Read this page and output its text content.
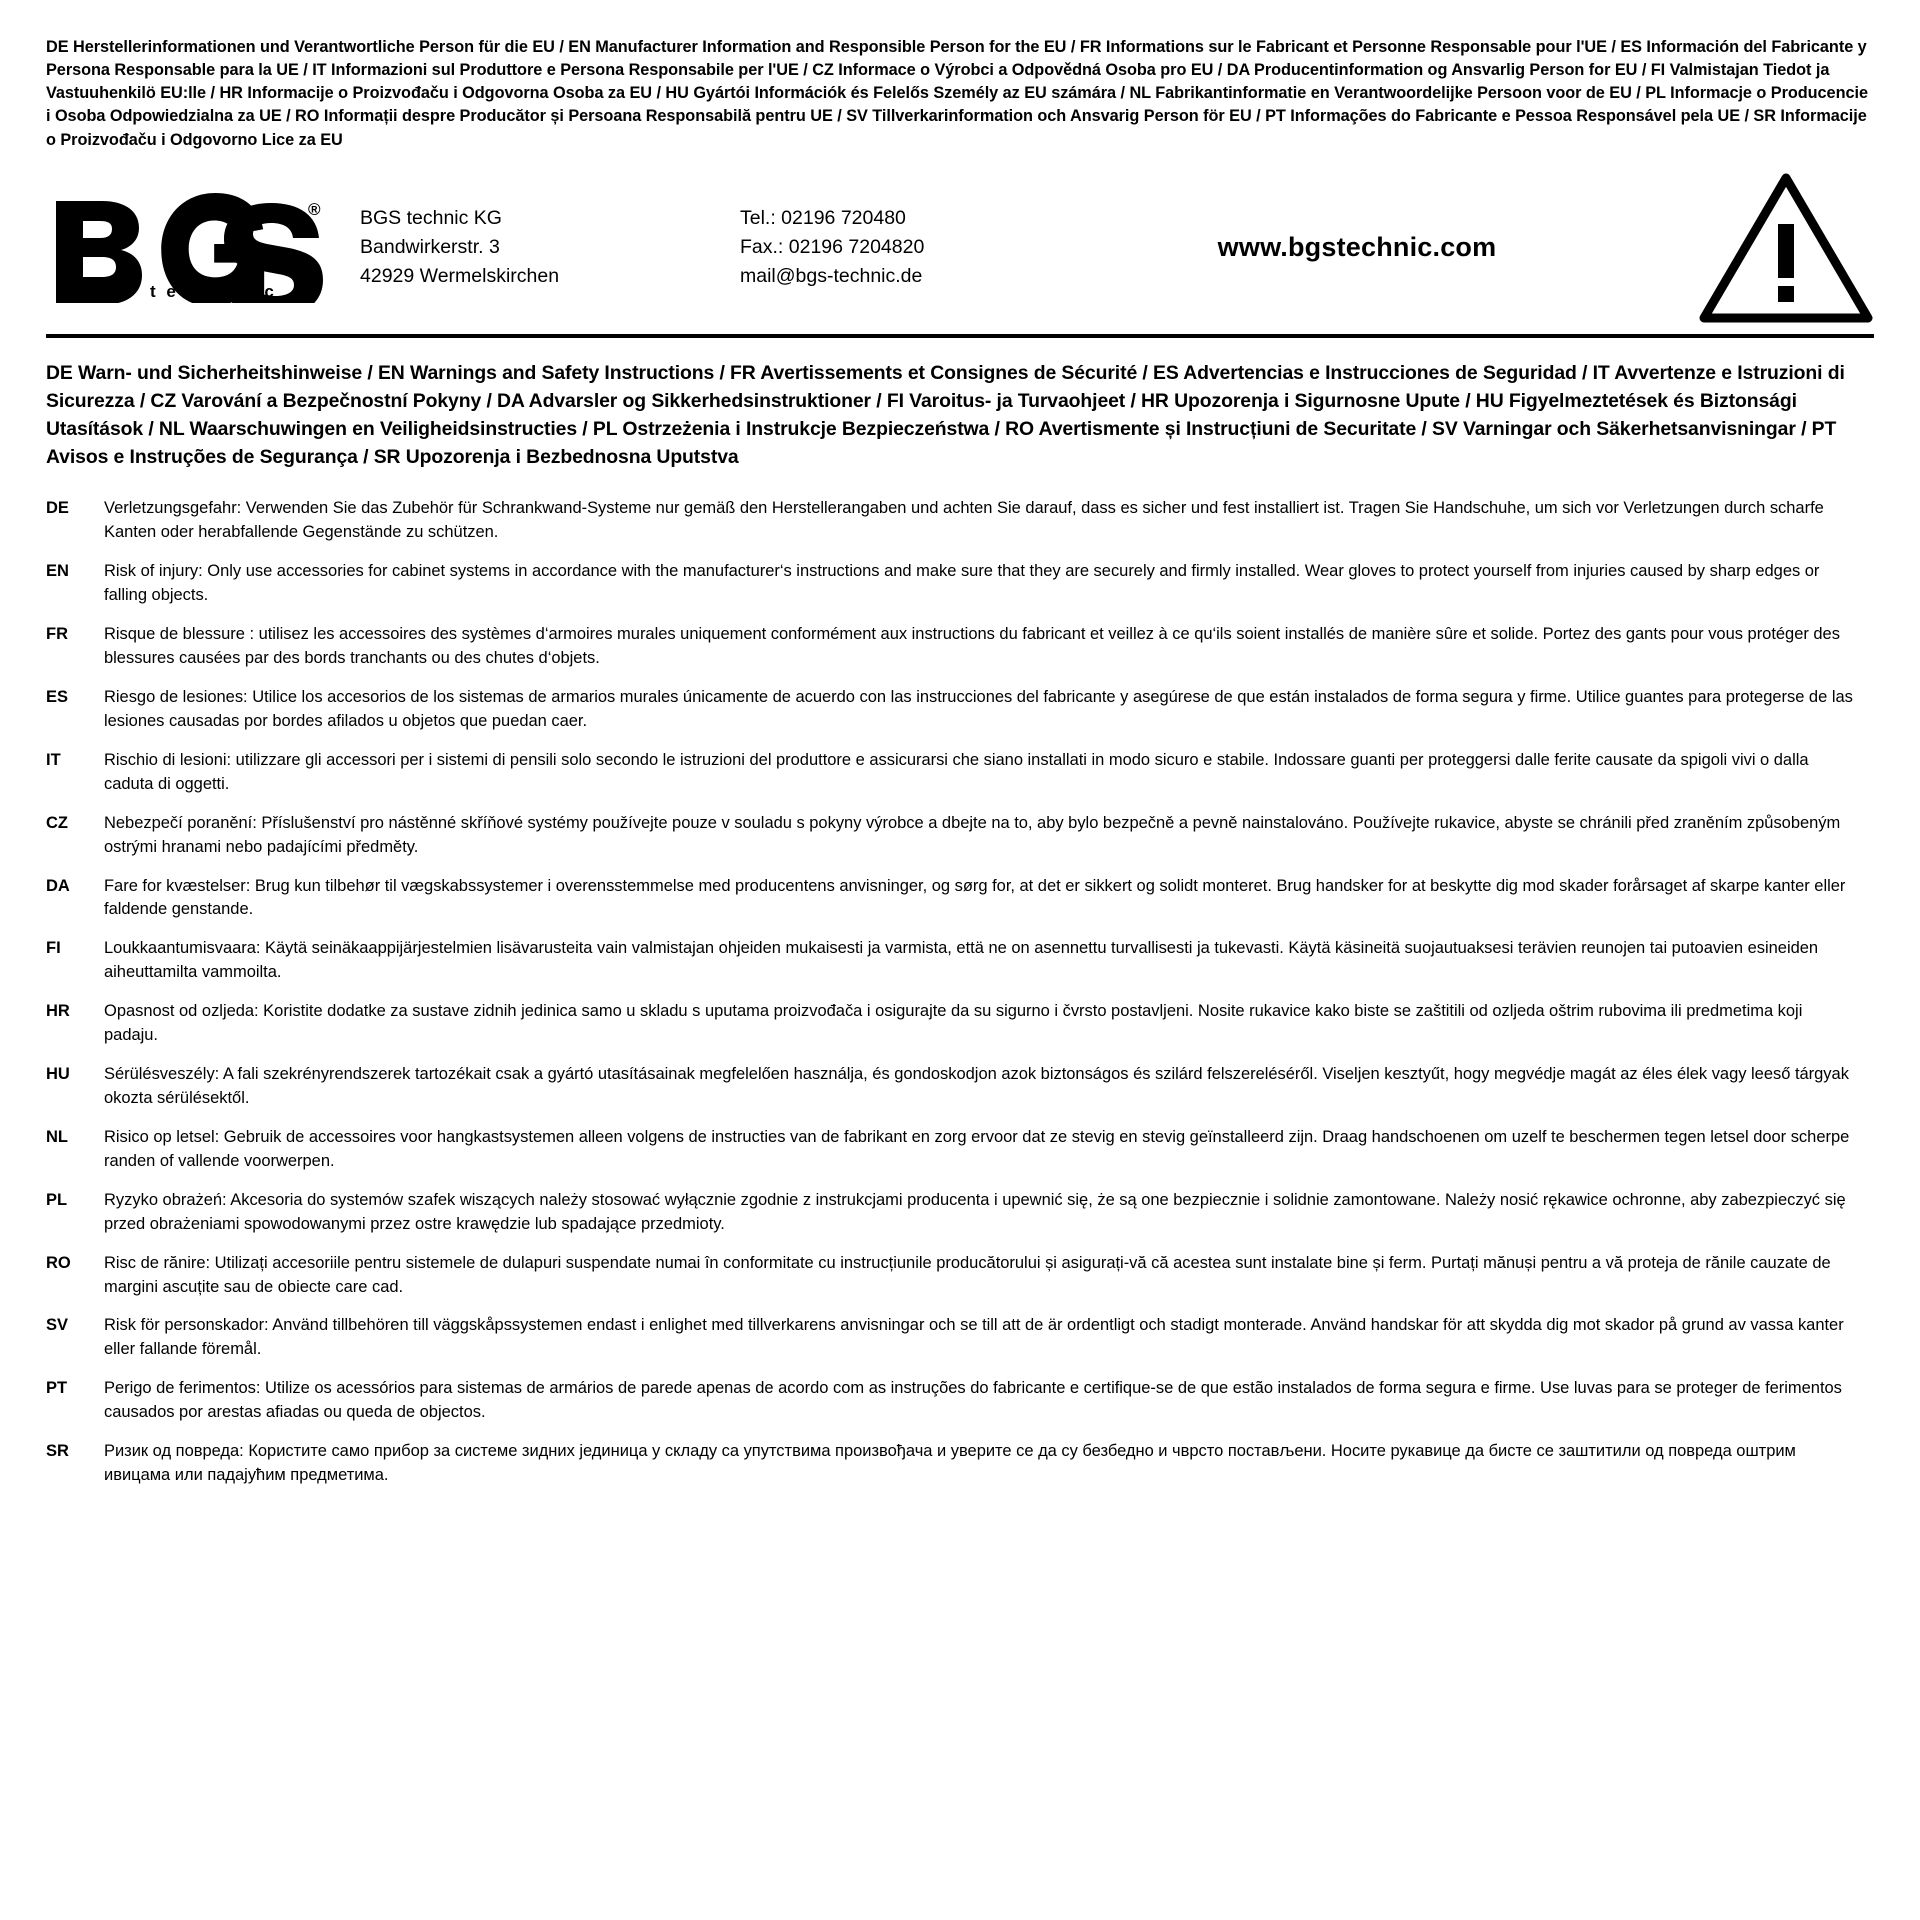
DE Herstellerinformationen und Verantwortliche Person für die EU / EN Manufacturer Information and Responsible Person for the EU / FR Informations sur le Fabricant et Personne Responsable pour l'UE / ES Información del Fabricante y Persona Responsable para la UE / IT Informazioni sul Produttore e Persona Responsabile per l'UE / CZ Informace o Výrobci a Odpovědná Osoba pro EU / DA Producentinformation og Ansvarlig Person for EU / FI Valmistajan Tiedot ja Vastuuhenkilö EU:lle / HR Informacije o Proizvođaču i Odgovorna Osoba za EU / HU Gyártói Információk és Felelős Személy az EU számára / NL Fabrikantinformatie en Verantwoordelijke Persoon voor de EU / PL Informacje o Producencie i Osoba Odpowiedzialna za UE / RO Informații despre Producător și Persoana Responsabilă pentru UE / SV Tillverkarinformation och Ansvarig Person för EU / PT Informações do Fabricante e Pessoa Responsável pela UE / SR Informacije o Proizvođaču i Odgovorno Lice za EU
®
t e c h n i c
BGS technic KG
Bandwirkerstr. 3
42929 Wermelskirchen
Tel.: 02196 720480
Fax.: 02196 7204820
mail@bgs-technic.de
www.bgstechnic.com
DE Warn- und Sicherheitshinweise / EN Warnings and Safety Instructions / FR Avertissements et Consignes de Sécurité / ES Advertencias e Instrucciones de Seguridad / IT Avvertenze e Istruzioni di Sicurezza / CZ Varování a Bezpečnostní Pokyny / DA Advarsler og Sikkerhedsinstruktioner / FI Varoitus- ja Turvaohjeet / HR Upozorenja i Sigurnosne Upute / HU Figyelmeztetések és Biztonsági Utasítások / NL Waarschuwingen en Veiligheidsinstructies / PL Ostrzeżenia i Instrukcje Bezpieczeństwa / RO Avertismente și Instrucțiuni de Securitate / SV Varningar och Säkerhetsanvisningar / PT Avisos e Instruções de Segurança / SR Upozorenja i Bezbednosna Uputstva
DE	Verletzungsgefahr: Verwenden Sie das Zubehör für Schrankwand-Systeme nur gemäß den Herstellerangaben und achten Sie darauf, dass es sicher und fest installiert ist. Tragen Sie Handschuhe, um sich vor Verletzungen durch scharfe Kanten oder herabfallende Gegenstände zu schützen.
EN	Risk of injury: Only use accessories for cabinet systems in accordance with the manufacturer‘s instructions and make sure that they are securely and firmly installed. Wear gloves to protect yourself from injuries caused by sharp edges or falling objects.
FR	Risque de blessure : utilisez les accessoires des systèmes d‘armoires murales uniquement conformément aux instructions du fabricant et veillez à ce qu‘ils soient installés de manière sûre et solide. Portez des gants pour vous protéger des blessures causées par des bords tranchants ou des chutes d‘objets.
ES	Riesgo de lesiones: Utilice los accesorios de los sistemas de armarios murales únicamente de acuerdo con las instrucciones del fabricante y asegúrese de que están instalados de forma segura y firme. Utilice guantes para protegerse de las lesiones causadas por bordes afilados u objetos que puedan caer.
IT	Rischio di lesioni: utilizzare gli accessori per i sistemi di pensili solo secondo le istruzioni del produttore e assicurarsi che siano installati in modo sicuro e stabile. Indossare guanti per proteggersi dalle ferite causate da spigoli vivi o dalla caduta di oggetti.
CZ	Nebezpečí poranění: Příslušenství pro nástěnné skříňové systémy používejte pouze v souladu s pokyny výrobce a dbejte na to, aby bylo bezpečně a pevně nainstalováno. Používejte rukavice, abyste se chránili před zraněním způsobeným ostrými hranami nebo padajícími předměty.
DA	Fare for kvæstelser: Brug kun tilbehør til vægskabssystemer i overensstemmelse med producentens anvisninger, og sørg for, at det er sikkert og solidt monteret. Brug handsker for at beskytte dig mod skader forårsaget af skarpe kanter eller faldende genstande.
FI	Loukkaantumisvaara: Käytä seinäkaappijärjestelmien lisävarusteita vain valmistajan ohjeiden mukaisesti ja varmista, että ne on asennettu turvallisesti ja tukevasti. Käytä käsineitä suojautuaksesi terävien reunojen tai putoavien esineiden aiheuttamilta vammoilta.
HR	Opasnost od ozljeda: Koristite dodatke za sustave zidnih jedinica samo u skladu s uputama proizvođača i osigurajte da su sigurno i čvrsto postavljeni. Nosite rukavice kako biste se zaštitili od ozljeda oštrim rubovima ili predmetima koji padaju.
HU	Sérülésveszély: A fali szekrényrendszerek tartozékait csak a gyártó utasításainak megfelelően használja, és gondoskodjon azok biztonságos és szilárd felszereléséről. Viseljen kesztyűt, hogy megvédje magát az éles élek vagy leeső tárgyak okozta sérülésektől.
NL	Risico op letsel: Gebruik de accessoires voor hangkastsystemen alleen volgens de instructies van de fabrikant en zorg ervoor dat ze stevig en stevig geïnstalleerd zijn. Draag handschoenen om uzelf te beschermen tegen letsel door scherpe randen of vallende voorwerpen.
PL	Ryzyko obrażeń: Akcesoria do systemów szafek wiszących należy stosować wyłącznie zgodnie z instrukcjami producenta i upewnić się, że są one bezpiecznie i solidnie zamontowane. Należy nosić rękawice ochronne, aby zabezpieczyć się przed obrażeniami spowodowanymi przez ostre krawędzie lub spadające przedmioty.
RO	Risc de rănire: Utilizați accesoriile pentru sistemele de dulapuri suspendate numai în conformitate cu instrucțiunile producătorului și asigurați-vă că acestea sunt instalate bine și ferm. Purtați mănuși pentru a vă proteja de rănile cauzate de margini ascuțite sau de obiecte care cad.
SV	Risk för personskador: Använd tillbehören till väggskåpssystemen endast i enlighet med tillverkarens anvisningar och se till att de är ordentligt och stadigt monterade. Använd handskar för att skydda dig mot skador på grund av vassa kanter eller fallande föremål.
PT	Perigo de ferimentos: Utilize os acessórios para sistemas de armários de parede apenas de acordo com as instruções do fabricante e certifique-se de que estão instalados de forma segura e firme. Use luvas para se proteger de ferimentos causados por arestas afiadas ou queda de objectos.
SR	Ризик од повреда: Користите само прибор за системе зидних јединица у складу са упутствима произвођача и уверите се да су безбедно и чврсто постављени. Носите рукавице да бисте се заштитили од повреда оштрим ивицама или падајућим предметима.
